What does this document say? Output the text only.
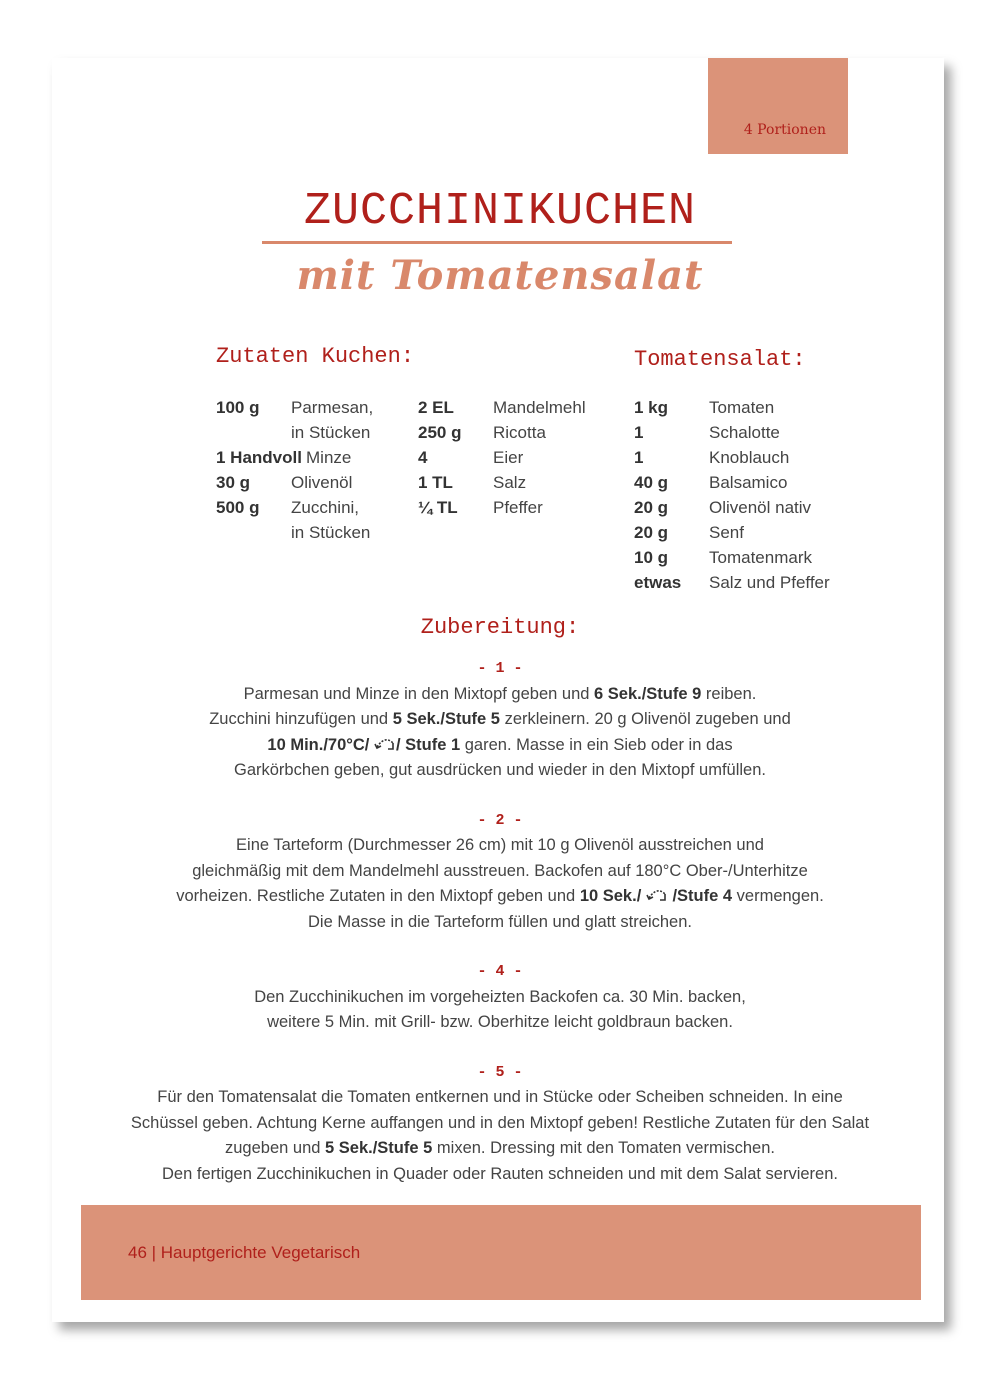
4 Portionen
ZUCCHINIKUCHEN
mit Tomatensalat
Zutaten Kuchen:	Tomatensalat:
100 g Parmesan,
in Stücken
1 Handvoll Minze
30 g Olivenöl
500 g Zucchini,
in Stücken
2 EL Mandelmehl
250 g Ricotta
4	Eier
1 TL Salz
¼ TL Pfeffer
1 kg Tomaten
1	Schalotte
1	Knoblauch
40 g Balsamico
20 g Olivenöl nativ
20 g Senf
10 g Tomatenmark
etwas Salz und Pfeffer
Zubereitung:
- 1 -
Parmesan und Minze in den Mixtopf geben und 6 Sek./Stufe 9 reiben.
Zucchini hinzufügen und 5 Sek./Stufe 5 zerkleinern. 20 g Olivenöl zugeben und
10 Min./70°C/ / Stufe 1 garen. Masse in ein Sieb oder in das
Garkörbchen geben, gut ausdrücken und wieder in den Mixtopf umfüllen.
- 2 -
Eine Tarteform (Durchmesser 26 cm) mit 10 g Olivenöl ausstreichen und
gleichmäßig mit dem Mandelmehl ausstreuen. Backofen auf 180°C Ober-/Unterhitze
vorheizen. Restliche Zutaten in den Mixtopf geben und 10 Sek./  /Stufe 4 vermengen.
Die Masse in die Tarteform füllen und glatt streichen.
- 4 -
Den Zucchinikuchen im vorgeheizten Backofen ca. 30 Min. backen,
weitere 5 Min. mit Grill- bzw. Oberhitze leicht goldbraun backen.
- 5 -
Für den Tomatensalat die Tomaten entkernen und in Stücke oder Scheiben schneiden. In eine
Schüssel geben. Achtung Kerne auffangen und in den Mixtopf geben! Restliche Zutaten für den Salat
zugeben und 5 Sek./Stufe 5 mixen. Dressing mit den Tomaten vermischen.
Den fertigen Zucchinikuchen in Quader oder Rauten schneiden und mit dem Salat servieren.
46 | Hauptgerichte Vegetarisch
